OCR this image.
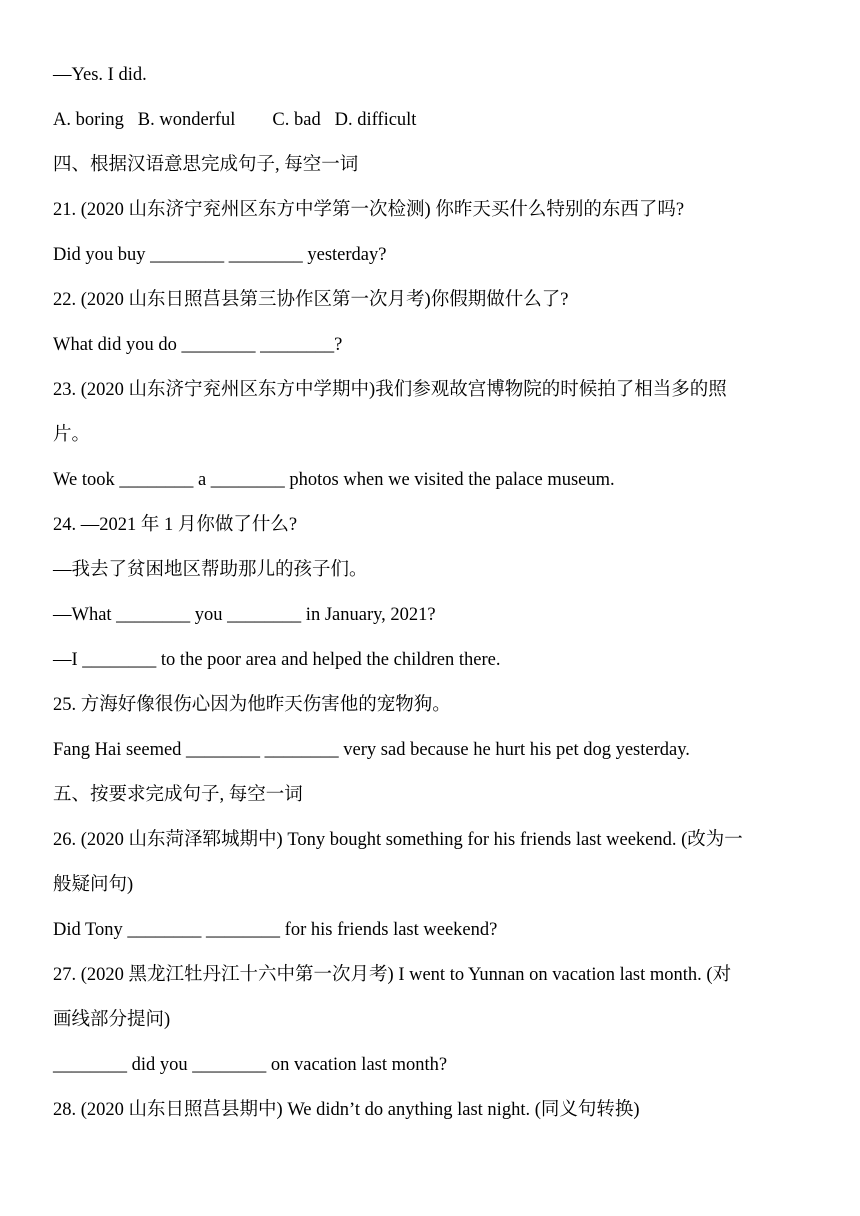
—Yes. I did.
A. boring   B. wonderful        C. bad   D. difficult
四、根据汉语意思完成句子, 每空一词
21. (2020 山东济宁兖州区东方中学第一次检测) 你昨天买什么特别的东西了吗?
Did you buy ________ ________ yesterday?
22. (2020 山东日照莒县第三协作区第一次月考)你假期做什么了?
What did you do ________ ________?
23. (2020 山东济宁兖州区东方中学期中)我们参观故宫博物院的时候拍了相当多的照
片。
We took ________ a ________ photos when we visited the palace museum.
24. —2021 年 1 月你做了什么?
—我去了贫困地区帮助那儿的孩子们。
—What ________ you ________ in January, 2021?
—I ________ to the poor area and helped the children there.
25. 方海好像很伤心因为他昨天伤害他的宠物狗。
Fang Hai seemed ________ ________ very sad because he hurt his pet dog yesterday.
五、按要求完成句子, 每空一词
26. (2020 山东菏泽郓城期中) Tony bought something for his friends last weekend. (改为一
般疑问句)
Did Tony ________ ________ for his friends last weekend?
27. (2020 黑龙江牡丹江十六中第一次月考) I went to Yunnan on vacation last month. (对
画线部分提问)
________ did you ________ on vacation last month?
28. (2020 山东日照莒县期中) We didn’t do anything last night. (同义句转换)
